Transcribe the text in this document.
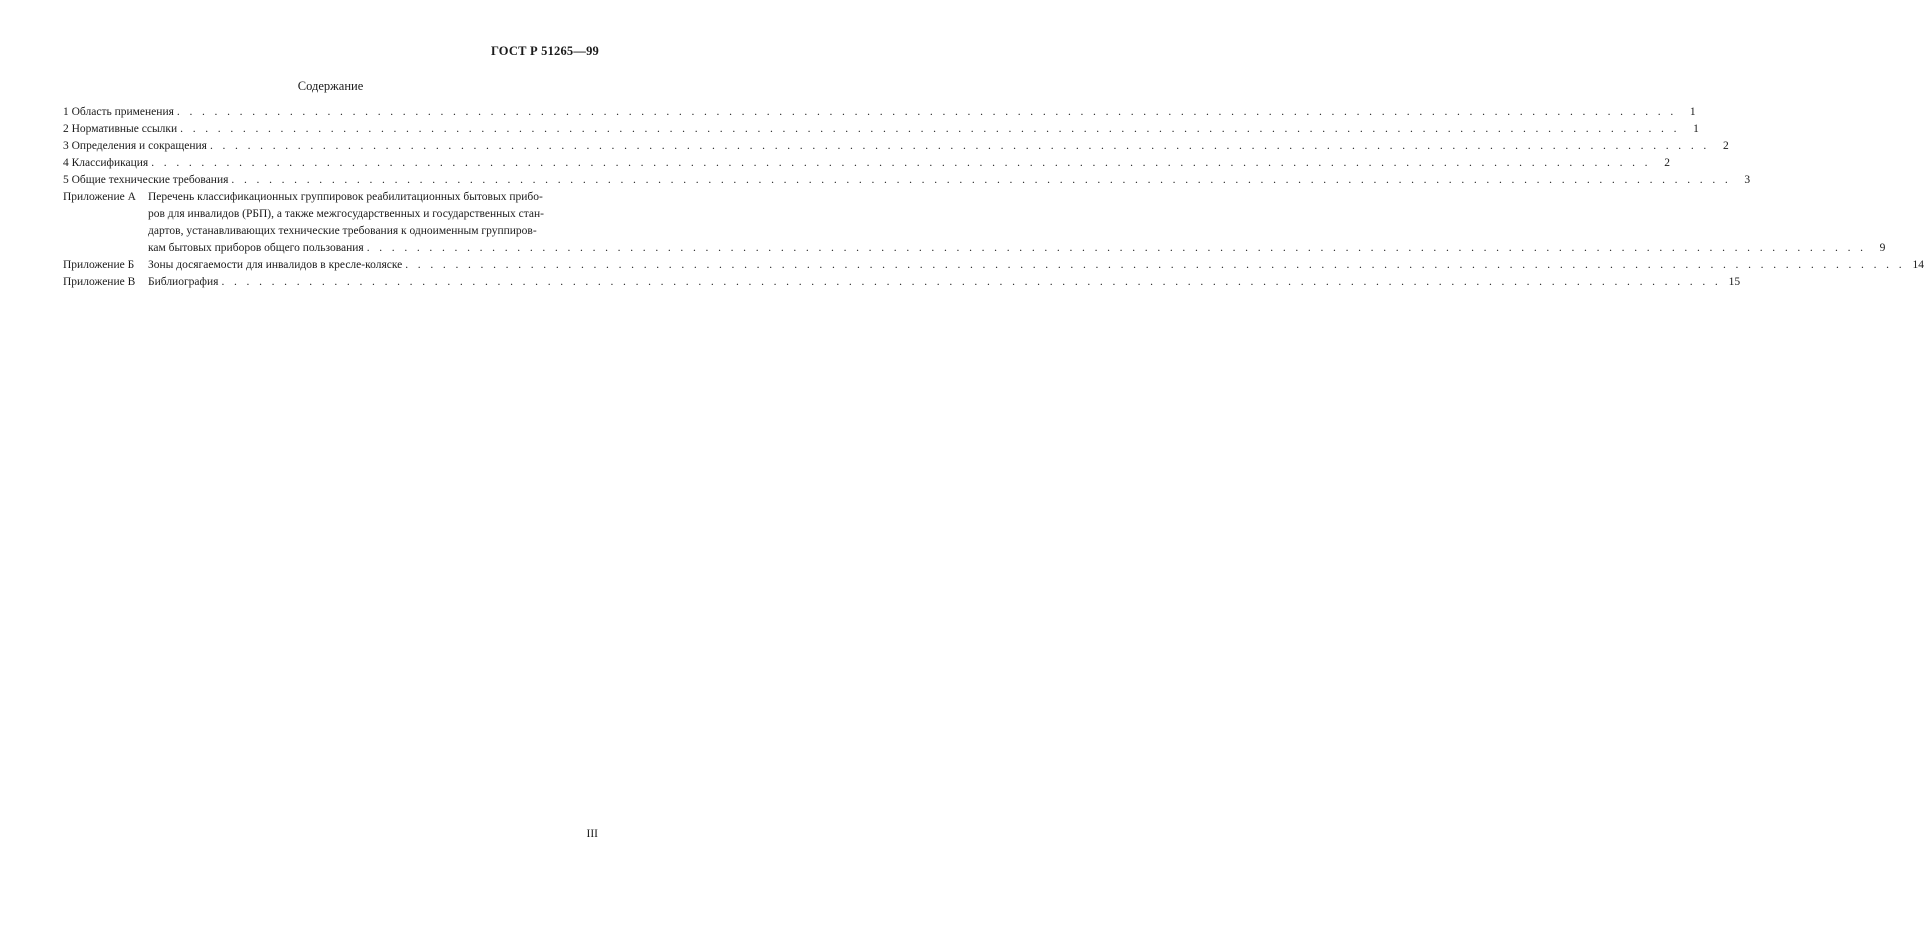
ГОСТ Р 51265—99
Содержание
1 Область применения . . .	1
2 Нормативные ссылки . . .	1
3 Определения и сокращения . . .	2
4 Классификация . . .	2
5 Общие технические требования . . .	3
Приложение А	Перечень классификационных группировок реабилитационных бытовых прибо-
ров для инвалидов (РБП), а также межгосударственных и государственных стан-
дартов, устанавливающих технические требования к одноименным группиров-
кам бытовых приборов общего пользования . . .	9
Приложение Б	Зоны досягаемости для инвалидов в кресле-коляске . . .	14
Приложение В	Библиография . . .	15
III
